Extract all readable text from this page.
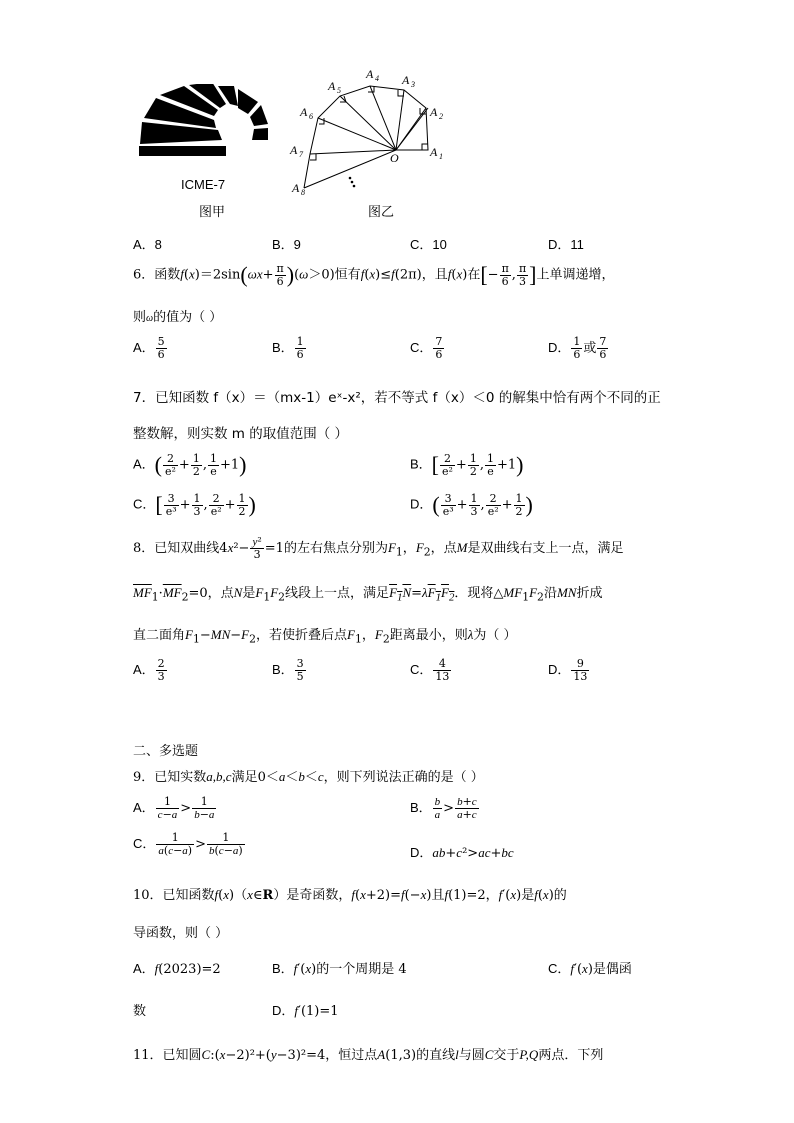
ICME-7
图甲
A 1
A 2
A 3
A 4
A 5
A 6
A 7
A 8
O
图乙
A．8	B．9	C．10	D．11
6．函数$f(x)=2\sin(\omega x+ \frac{\pi}{6} )(\omega>0)$恒有f(x)≤f(2π)，且f(x)在[− $\frac{\pi}{6}$ , $\frac{\pi}{3}$ ]上单调递增，
则ω的值为（ ）
A． $\frac{5}{6}$	B． $\frac{1}{6}$	C． $\frac{7}{6}$	D． $\frac{1}{6}$ 或 $\frac{7}{6}$
7．已知函数 f（x）＝（mx-1）eˣ-x²，若不等式 f（x）＜0 的解集中恰有两个不同的正
整数解，则实数 m 的取值范围（ ）
A．( $\frac{2}{\text{e²}} + \frac{1}{2}$ , $\frac{1}{e} +1$)	B．[ $\frac{2}{\text{e²}} + \frac{1}{2}$ , $\frac{1}{e} +1$)
C．[ $\frac{3}{\text{e³}} + \frac{1}{3}$ , $\frac{2}{\text{e²}} + \frac{1}{2}$ )	D．( $\frac{3}{\text{e³}} + \frac{1}{3}$ , $\frac{2}{\text{e²}} + \frac{1}{2}$ )
8．已知双曲线$4x^2- \frac{\text{y²}}{3} =1$的左右焦点分别为$F_1$，$F_2$，点M是双曲线右支上一点，满足
$\overline{MF}_1\cdot\overline{MF}_2=0$，点N是$F_1F_2$线段上一点，满足$F_1N=\lambda F_1F_2$．现将$\triangle MF_1F_2$沿MN折成
直二面角$F_1-MN-F_2$，若使折叠后点$F_1$，$F_2$距离最小，则λ为（ ）
A． $\frac{2}{3}$	B． $\frac{3}{5}$	C． $\frac{4}{13}$	D． $\frac{9}{13}$
二、多选题
9．已知实数a,b,c满足0＜a＜b＜c，则下列说法正确的是（ ）
A． $\frac{1}{c-a} > \frac{1}{b-a}$	B． $\frac{b}{a} > \frac{b+c}{a+c}$
C． $\frac{1}{a(c-a)} > \frac{1}{b(c-a)}$	D．ab+c²>ac+bc
10．已知函数f(x)（x∈R）是奇函数，f(x+2)=f(−x)且f(1)=2，f′(x)是f(x)的
导函数，则（ ）
A．f(2023)=2	B．f′(x)的一个周期是 4	C．f′(x)是偶函
数	D．f′(1)=1
11．已知圆C:(x−2)²+(y−3)²=4，恒过点A(1,3)的直线l与圆C交于P,Q两点．下列
